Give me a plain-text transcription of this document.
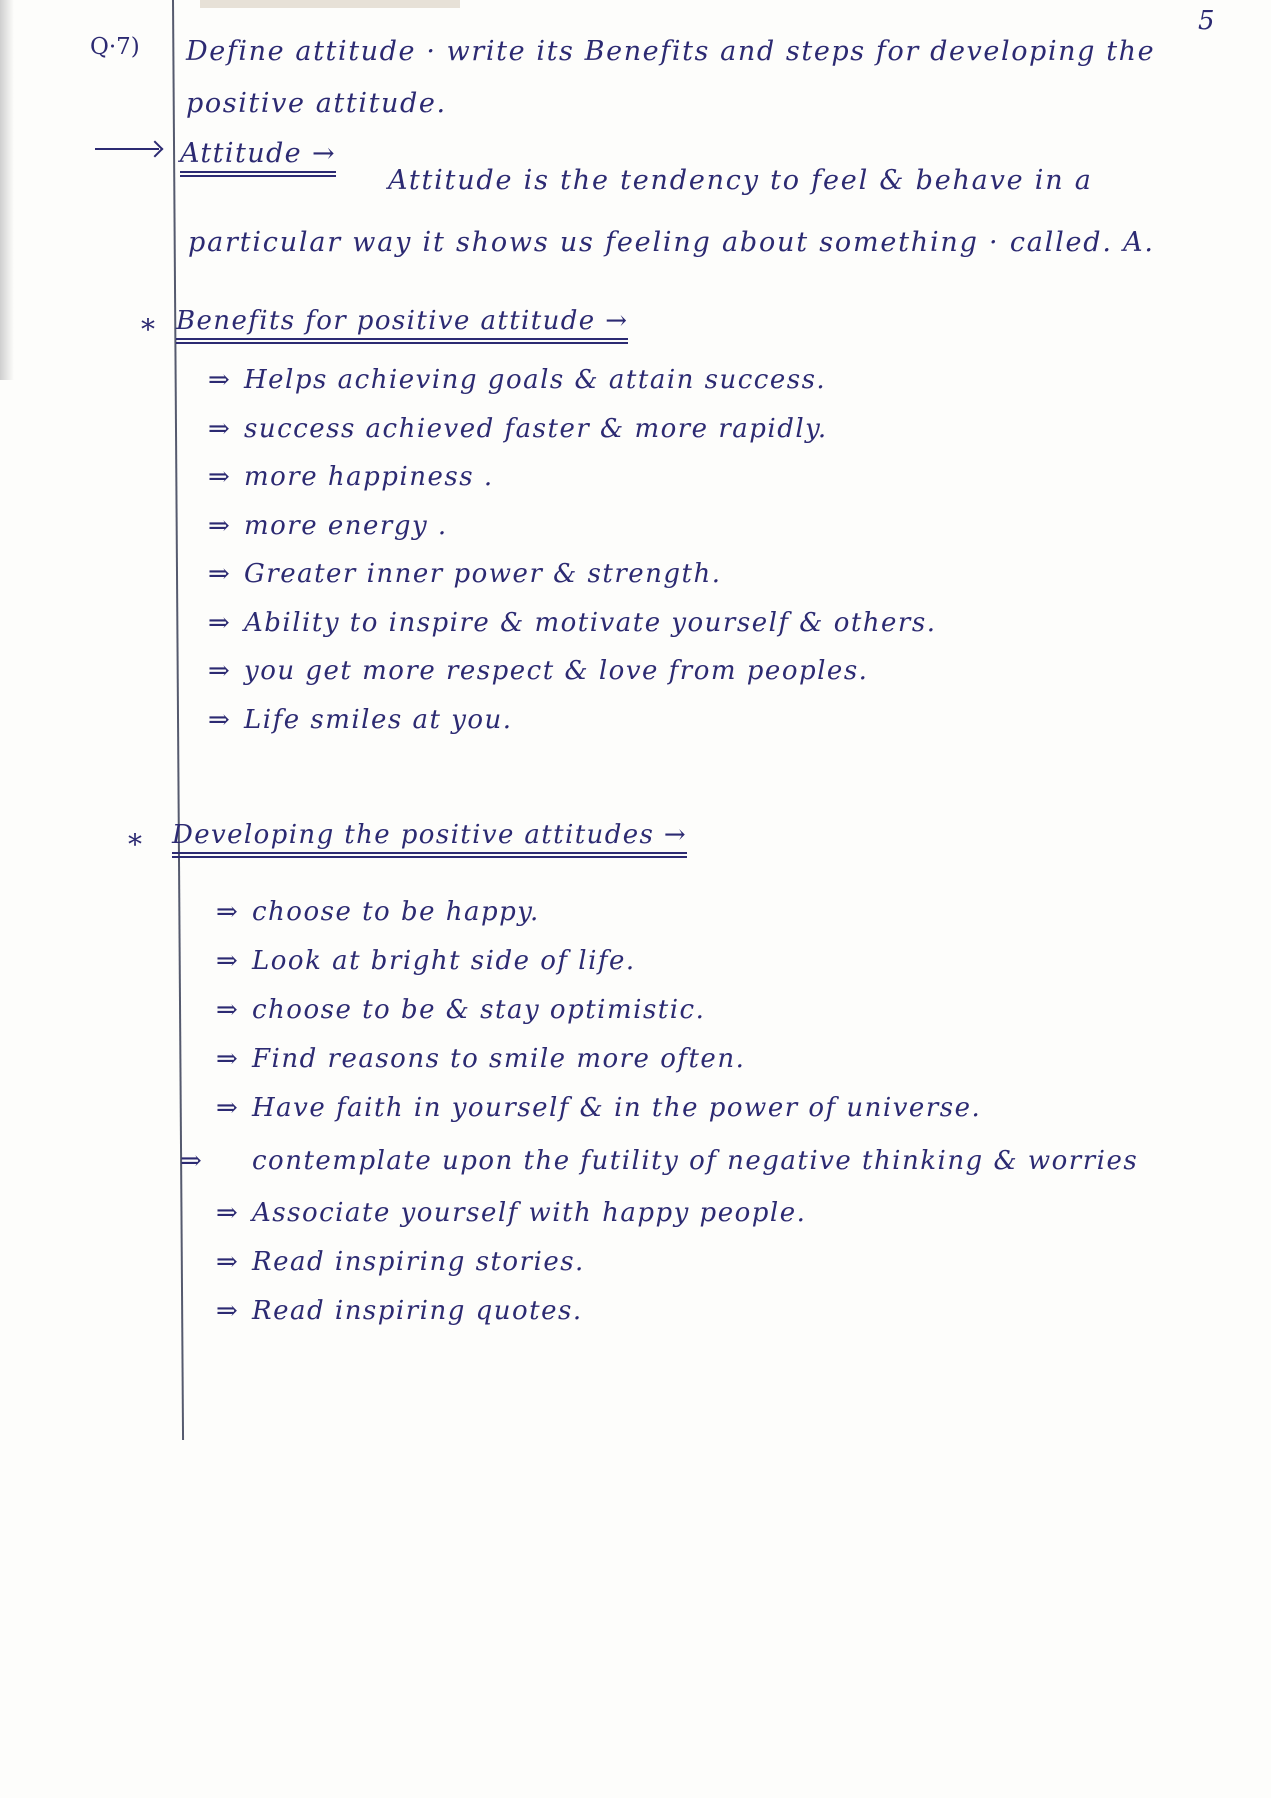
5
Q·7) Define attitude · write its Benefits and steps for developing the positive attitude.
Attitude →
Attitude is the tendency to feel & behave in a particular way it shows us feeling about something · called. A.
* Benefits for positive attitude →
⇒ Helps achieving goals & attain success.
⇒ success achieved faster & more rapidly.
⇒ more happiness .
⇒ more energy .
⇒ Greater inner power & strength.
⇒ Ability to inspire & motivate yourself & others.
⇒ you get more respect & love from peoples.
⇒ Life smiles at you.
* Developing the positive attitudes →
⇒ choose to be happy.
⇒ Look at bright side of life.
⇒ choose to be & stay optimistic.
⇒ Find reasons to smile more often.
⇒ Have faith in yourself & in the power of universe.
⇒ contemplate upon the futility of negative thinking & worries
⇒ Associate yourself with happy people.
⇒ Read inspiring stories.
⇒ Read inspiring quotes.
